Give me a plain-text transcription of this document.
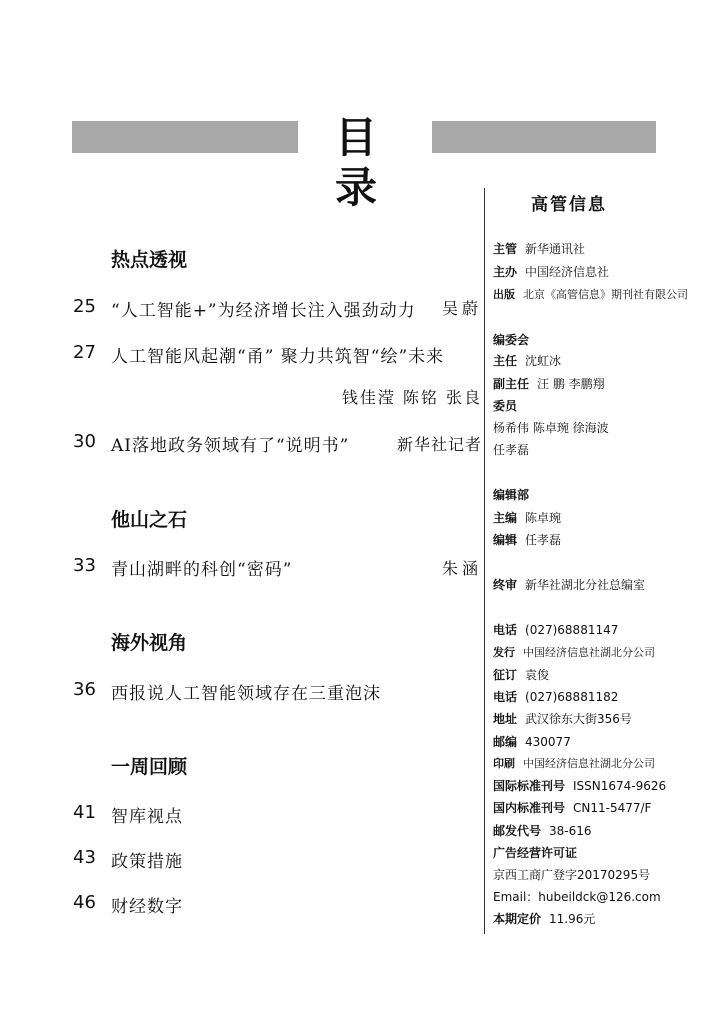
目 录
热点透视
他山之石
海外视角
一周回顾
25 “人工智能+”为经济增长注入强劲动力 吴蔚
27 人工智能风起潮“甬” 聚力共筑智“绘”未来
钱佳滢 陈铭 张良
30 AI落地政务领域有了“说明书”	新华社记者
33 青山湖畔的科创“密码”	朱涵
36 西报说人工智能领域存在三重泡沫
41 智库视点
43 政策措施
46 财经数字
高管信息
主管 新华通讯社
主办 中国经济信息社
出版 北京《高管信息》期刊社有限公司
编委会
主任 沈虹冰
副主任 汪 鹏 李鹏翔
委员
杨希伟 陈卓琬 徐海波
任孝磊
编辑部
主编 陈卓琬
编辑 任孝磊
终审 新华社湖北分社总编室
电话 (027)68881147
发行 中国经济信息社湖北分公司
征订 袁俊
电话 (027)68881182
地址 武汉徐东大街356号
邮编 430077
印刷 中国经济信息社湖北分公司
国际标准刊号 ISSN1674-9626
国内标准刊号 CN11-5477/F
邮发代号 38-616
广告经营许可证
京西工商广登字20170295号
Email：hubeildck@126.com
本期定价 11.96元
